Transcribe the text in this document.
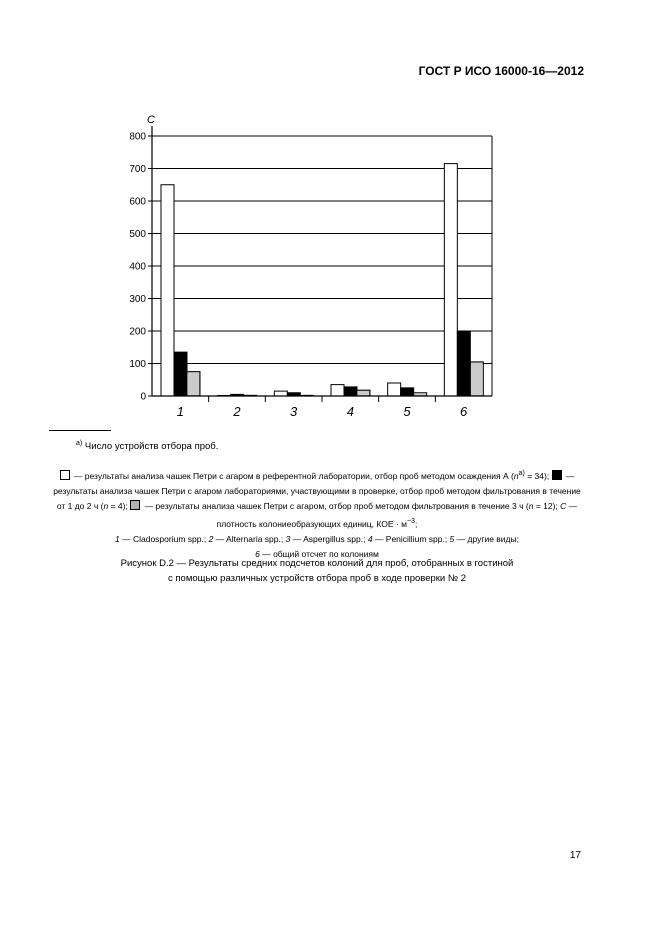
ГОСТ Р ИСО 16000-16—2012
0
100
200
300
400
500
600
700
800
C
1	2	3	4	5	6
$^{a)}$ Число устройств отбора проб.

— результаты анализа чашек Петри с агаром в референтной лаборатории, отбор проб методом осаждения А $(n^{a)} = 34)$;  — результаты анализа чашек Петри с агаром лабораториями, участвующими в проверке, отбор проб методом фильтрования в течение от 1 до 2 ч (n = 4);  — результаты анализа чашек Петри с агаром, отбор проб методом фильтрования в течение 3 ч (n = 12); C — плотность колониеобразующих единиц, КОЕ · $м^{-3}$;

1 — Cladosporium spp.; 2 — Alternaria spp.; 3 — Aspergillus spp.; 4 — Penicillium spp.; 5 — другие виды;

6 — общий отсчет по колониям

Рисунок D.2 — Результаты средних подсчетов колоний для проб, отобранных в гостиной
с помощью различных устройств отбора проб в ходе проверки № 2
17
